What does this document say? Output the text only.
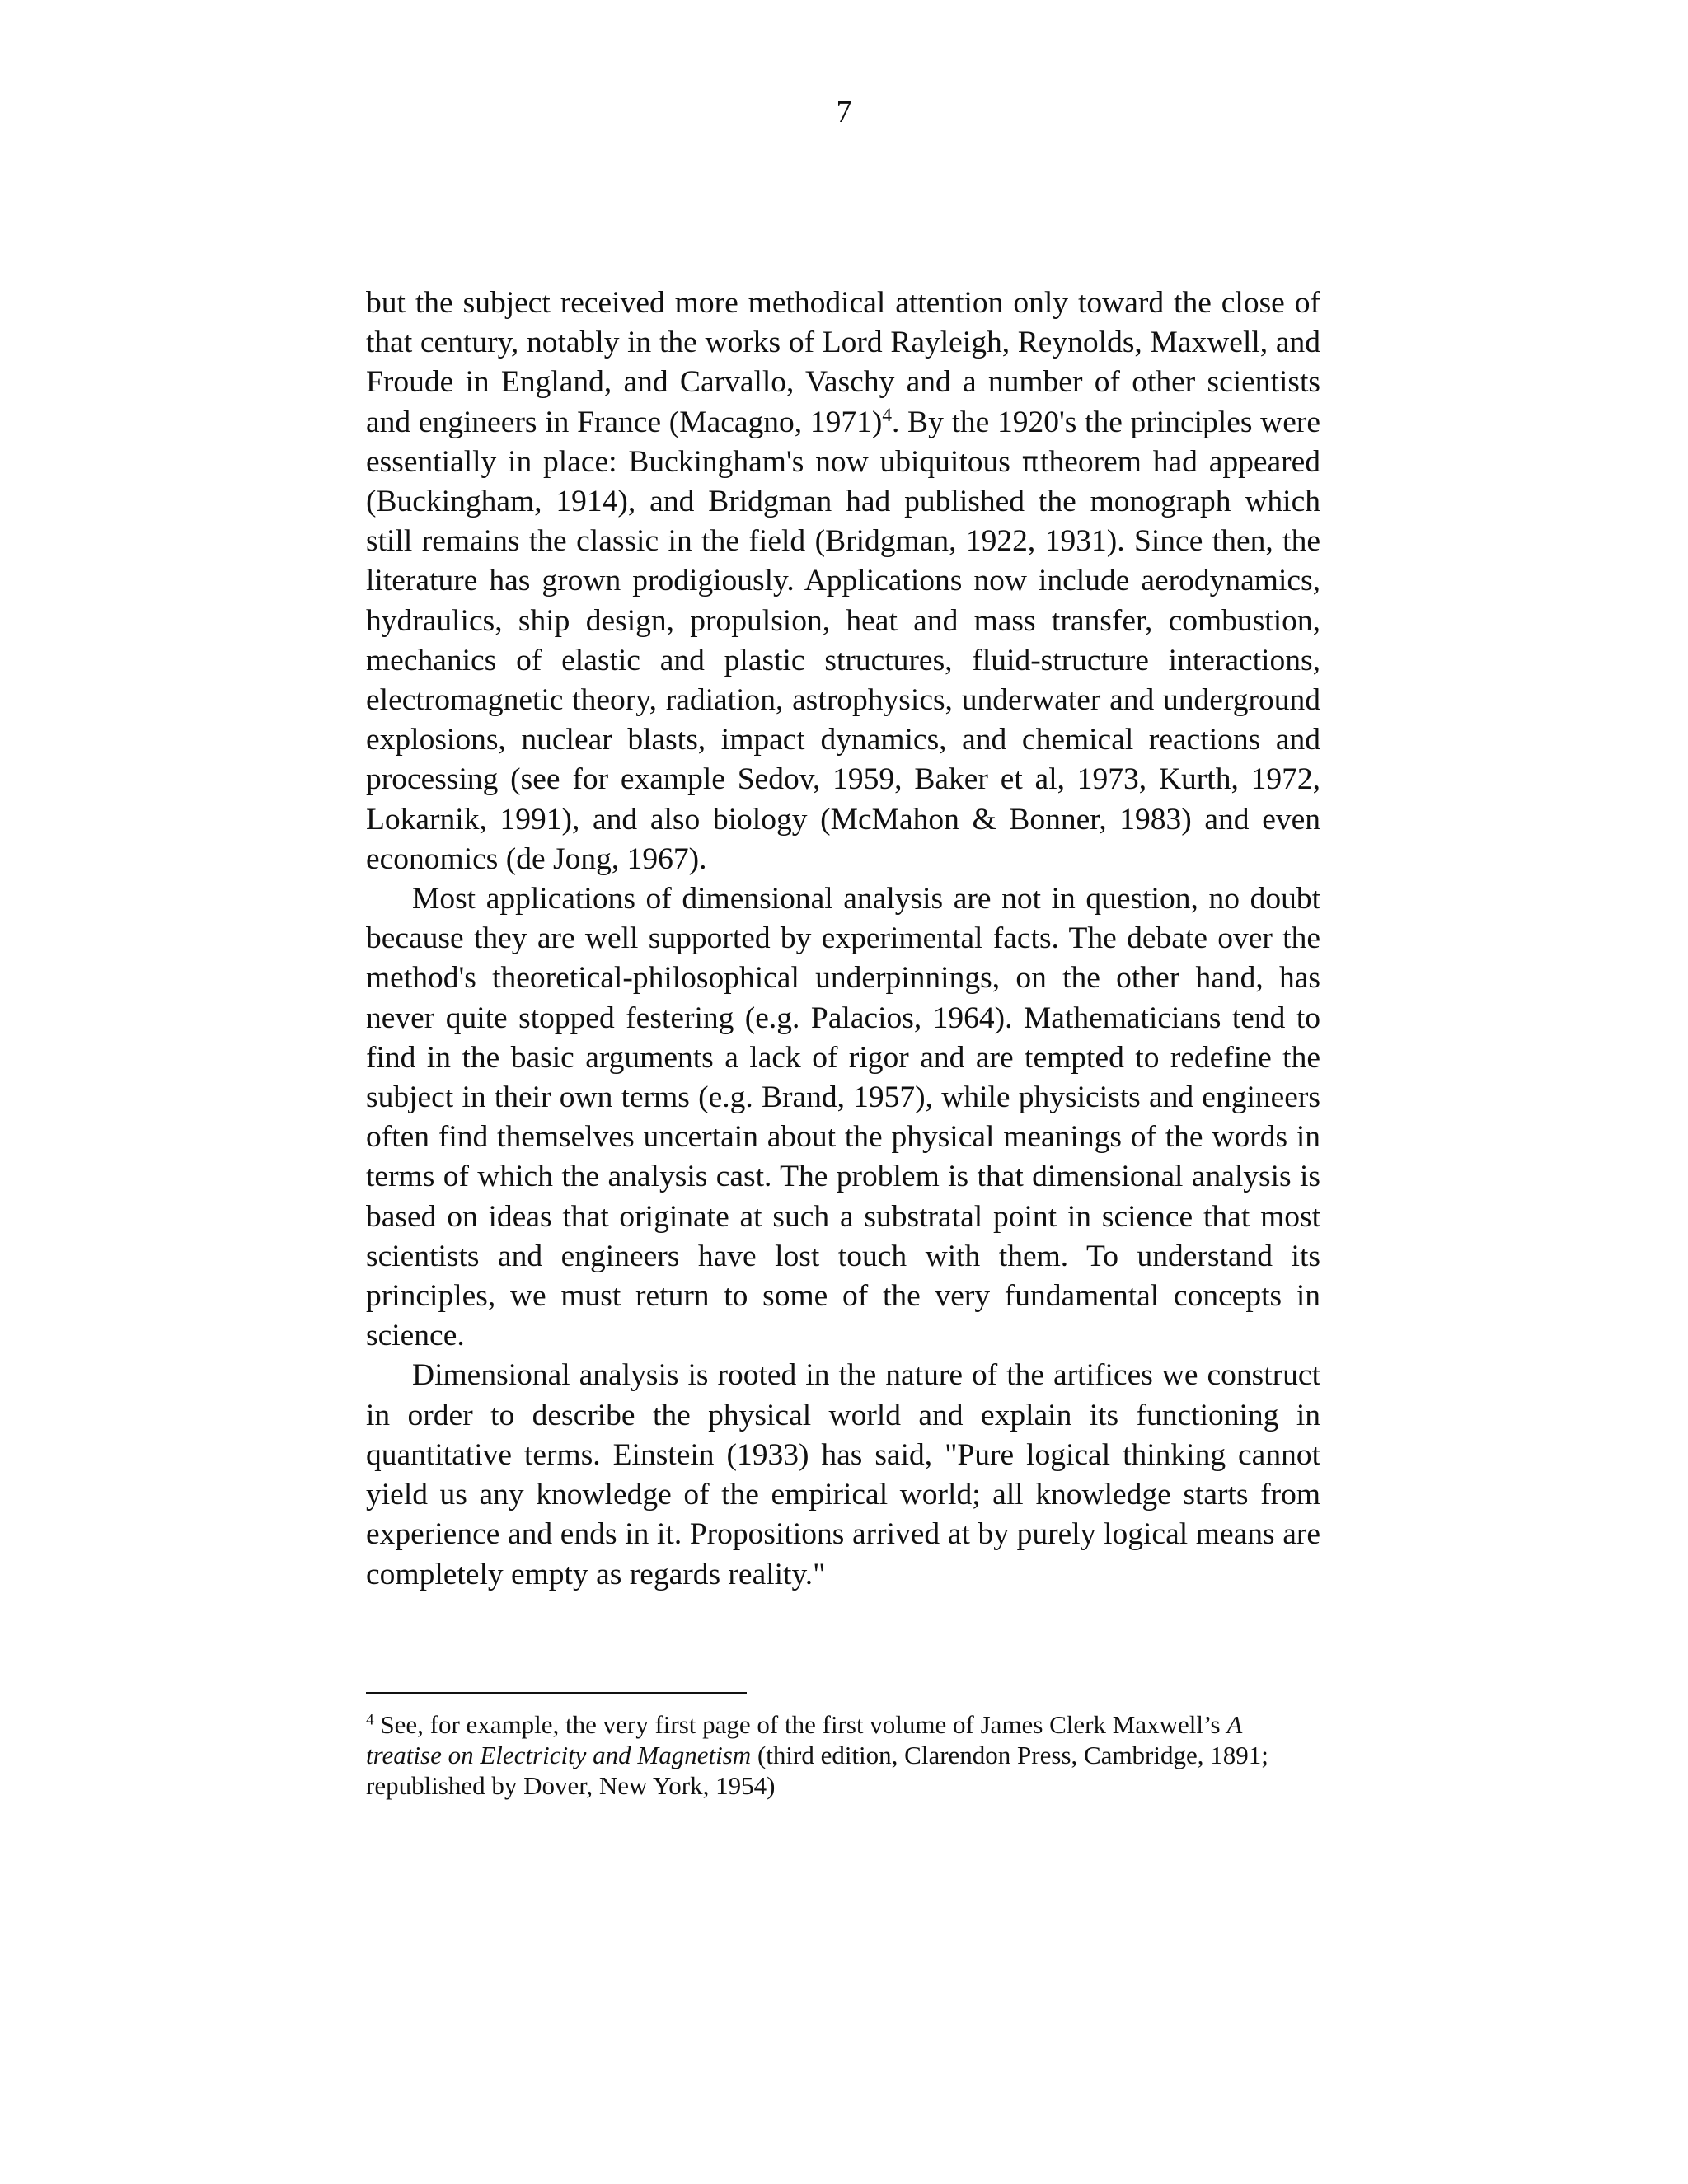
7

but the subject received more methodical attention only toward the close of that century, notably in the works of Lord Rayleigh, Reynolds, Maxwell, and Froude in England, and Carvallo, Vaschy and a number of other scientists and engineers in France (Macagno, 1971)$^4$. By the 1920's the principles were essentially in place: Buckingham's now ubiquitous πtheorem had appeared (Buckingham, 1914), and Bridgman had published the monograph which still remains the classic in the field (Bridgman, 1922, 1931). Since then, the literature has grown prodigiously. Applications now include aerodynamics, hydraulics, ship design, propulsion, heat and mass transfer, combustion, mechanics of elastic and plastic structures, fluid-structure interactions, electromagnetic theory, radiation, astrophysics, underwater and underground explosions, nuclear blasts, impact dynamics, and chemical reactions and processing (see for example Sedov, 1959, Baker et al, 1973, Kurth, 1972, Lokarnik, 1991), and also biology (McMahon & Bonner, 1983) and even economics (de Jong, 1967).

Most applications of dimensional analysis are not in question, no doubt because they are well supported by experimental facts. The debate over the method's theoretical-philosophical underpinnings, on the other hand, has never quite stopped festering (e.g. Palacios, 1964). Mathematicians tend to find in the basic arguments a lack of rigor and are tempted to redefine the subject in their own terms (e.g. Brand, 1957), while physicists and engineers often find themselves uncertain about the physical meanings of the words in terms of which the analysis cast. The problem is that dimensional analysis is based on ideas that originate at such a substratal point in science that most scientists and engineers have lost touch with them. To understand its principles, we must return to some of the very fundamental concepts in science.

Dimensional analysis is rooted in the nature of the artifices we construct in order to describe the physical world and explain its functioning in quantitative terms. Einstein (1933) has said, "Pure logical thinking cannot yield us any knowledge of the empirical world; all knowledge starts from experience and ends in it. Propositions arrived at by purely logical means are completely empty as regards reality."

$^4$ See, for example, the very first page of the first volume of James Clerk Maxwell’s A treatise on Electricity and Magnetism (third edition, Clarendon Press, Cambridge, 1891; republished by Dover, New York, 1954)
